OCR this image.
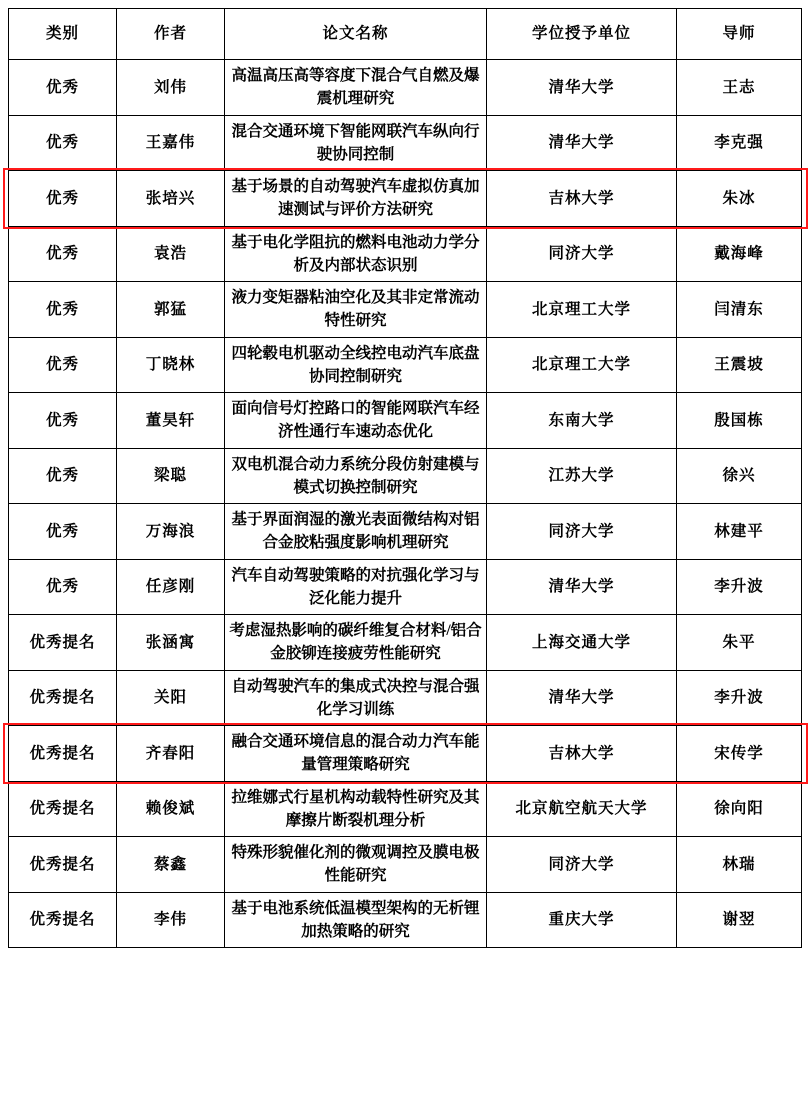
类别	作者	论文名称	学位授予单位	导师
优秀	刘伟	高温高压高等容度下混合气自燃及爆震机理研究	清华大学	王志
优秀	王嘉伟	混合交通环境下智能网联汽车纵向行驶协同控制	清华大学	李克强
优秀	张培兴	基于场景的自动驾驶汽车虚拟仿真加速测试与评价方法研究	吉林大学	朱冰
优秀	袁浩	基于电化学阻抗的燃料电池动力学分析及内部状态识别	同济大学	戴海峰
优秀	郭猛	液力变矩器粘油空化及其非定常流动特性研究	北京理工大学	闫清东
优秀	丁晓林	四轮毂电机驱动全线控电动汽车底盘协同控制研究	北京理工大学	王震坡
优秀	董昊轩	面向信号灯控路口的智能网联汽车经济性通行车速动态优化	东南大学	殷国栋
优秀	梁聪	双电机混合动力系统分段仿射建模与模式切换控制研究	江苏大学	徐兴
优秀	万海浪	基于界面润湿的激光表面微结构对铝合金胶粘强度影响机理研究	同济大学	林建平
优秀	任彦刚	汽车自动驾驶策略的对抗强化学习与泛化能力提升	清华大学	李升波
优秀提名	张涵寓	考虑湿热影响的碳纤维复合材料/铝合金胶铆连接疲劳性能研究	上海交通大学	朱平
优秀提名	关阳	自动驾驶汽车的集成式决控与混合强化学习训练	清华大学	李升波
优秀提名	齐春阳	融合交通环境信息的混合动力汽车能量管理策略研究	吉林大学	宋传学
优秀提名	赖俊斌	拉维娜式行星机构动载特性研究及其摩擦片断裂机理分析	北京航空航天大学	徐向阳
优秀提名	蔡鑫	特殊形貌催化剂的微观调控及膜电极性能研究	同济大学	林瑞
优秀提名	李伟	基于电池系统低温模型架构的无析锂加热策略的研究	重庆大学	谢翌
